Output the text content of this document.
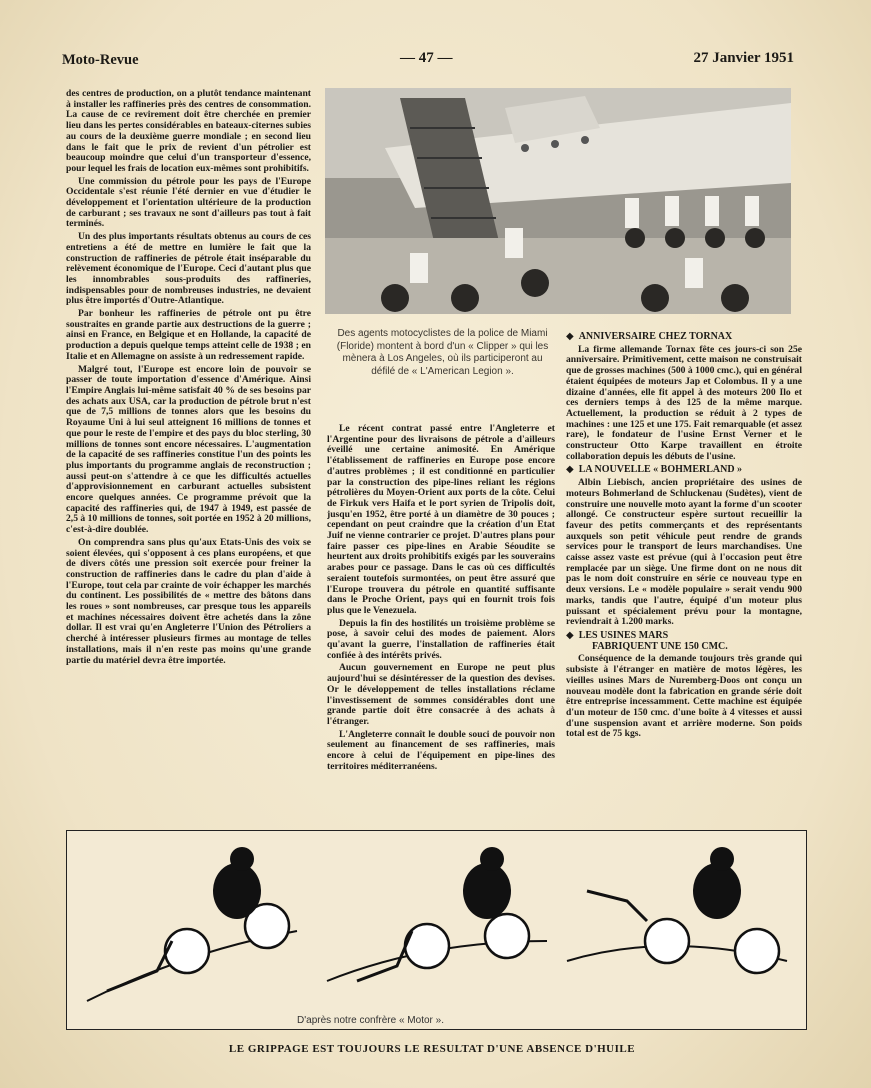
Moto-Revue	— 47 —	27 Janvier 1951

des centres de production, on a plutôt tendance maintenant à installer les raffineries près des centres de consommation. La cause de ce revirement doit être cherchée en premier lieu dans les pertes considérables en bateaux-citernes subies au cours de la deuxième guerre mondiale ; en second lieu dans le fait que le prix de revient d'un pétrolier est beaucoup moindre que celui d'un transporteur d'essence, pour lequel les frais de location eux-mêmes sont prohibitifs.

Une commission du pétrole pour les pays de l'Europe Occidentale s'est réunie l'été dernier en vue d'étudier le développement et l'orientation ultérieure de la production de carburant ; ses travaux ne sont d'ailleurs pas tout à fait terminés.

Un des plus importants résultats obtenus au cours de ces entretiens a été de mettre en lumière le fait que la construction de raffineries de pétrole était inséparable du relèvement économique de l'Europe. Ceci d'autant plus que les innombrables sous-produits des raffineries, indispensables pour de nombreuses industries, ne devaient plus être importés d'Outre-Atlantique.

Par bonheur les raffineries de pétrole ont pu être soustraites en grande partie aux destructions de la guerre ; ainsi en France, en Belgique et en Hollande, la capacité de production a depuis quelque temps atteint celle de 1938 ; en Italie et en Allemagne on assiste à un redressement rapide.

Malgré tout, l'Europe est encore loin de pouvoir se passer de toute importation d'essence d'Amérique. Ainsi l'Empire Anglais lui-même satisfait 40 % de ses besoins par des achats aux USA, car la production de pétrole brut n'est que de 7,5 millions de tonnes alors que les besoins du Royaume Uni à lui seul atteignent 16 millions de tonnes et que pour le reste de l'empire et des pays du bloc sterling, 30 millions de tonnes sont encore nécessaires. L'augmentation de la capacité de ses raffineries constitue l'un des points les plus importants du programme anglais de reconstruction ; aussi peut-on s'attendre à ce que les difficultés actuelles d'approvisionnement en carburant actuelles subsistent encore quelques années. Ce programme prévoit que la capacité des raffineries qui, de 1947 à 1949, est passée de 2,5 à 10 millions de tonnes, soit portée en 1952 à 20 millions, c'est-à-dire doublée.

On comprendra sans plus qu'aux Etats-Unis des voix se soient élevées, qui s'opposent à ces plans européens, et que de divers côtés une pression soit exercée pour freiner la construction de raffineries dans le cadre du plan d'aide à l'Europe, tout cela par crainte de voir échapper les marchés du continent. Les possibilités de « mettre des bâtons dans les roues » sont nombreuses, car presque tous les appareils et machines nécessaires doivent être achetés dans la zône dollar. Il est vrai qu'en Angleterre l'Union des Pétroliers a cherché à intéresser plusieurs firmes au montage de telles installations, mais il n'en reste pas moins qu'une grande partie du matériel devra être importée.

Des agents motocyclistes de la police de Miami (Floride) montent à bord d'un « Clipper » qui les mènera à Los Angeles, où ils participeront au défilé de « L'American Legion ».

Le récent contrat passé entre l'Angleterre et l'Argentine pour des livraisons de pétrole a d'ailleurs éveillé une certaine animosité. En Amérique l'établissement de raffineries en Europe pose encore d'autres problèmes ; il est conditionné en particulier par la construction des pipe-lines reliant les régions pétrolières du Moyen-Orient aux ports de la côte. Celui de Firkuk vers Haifa et le port syrien de Tripolis doit, jusqu'en 1952, être porté à un diamètre de 30 pouces ; cependant on peut craindre que la création d'un Etat Juif ne vienne contrarier ce projet. D'autres plans pour faire passer ces pipe-lines en Arabie Séoudite se heurtent aux droits prohibitifs exigés par les souverains arabes pour ce passage. Dans le cas où ces difficultés seraient toutefois surmontées, on peut être assuré que l'Europe trouvera du pétrole en quantité suffisante dans le Proche Orient, pays qui en fournit trois fois plus que le Venezuela.

Depuis la fin des hostilités un troisième problème se pose, à savoir celui des modes de paiement. Alors qu'avant la guerre, l'installation de raffineries était confiée à des intérêts privés.

Aucun gouvernement en Europe ne peut plus aujourd'hui se désintéresser de la question des devises. Or le développement de telles installations réclame l'investissement de sommes considérables dont une grande partie doit être consacrée à des achats à l'étranger.

L'Angleterre connaît le double souci de pouvoir non seulement au financement de ses raffineries, mais encore à celui de l'équipement en pipe-lines des territoires méditerranéens.

◆ ANNIVERSAIRE CHEZ TORNAX

La firme allemande Tornax fête ces jours-ci son 25e anniversaire. Primitivement, cette maison ne construisait que de grosses machines (500 à 1000 cmc.), qui en général étaient équipées de moteurs Jap et Colombus. Il y a une dizaine d'années, elle fit appel à des moteurs 200 Ilo et ces derniers temps à des 125 de la même marque. Actuellement, la production se réduit à 2 types de machines : une 125 et une 175. Fait remarquable (et assez rare), le fondateur de l'usine Ernst Verner et le constructeur Otto Karpe travaillent en étroite collaboration depuis les débuts de l'usine.

◆ LA NOUVELLE « BOHMERLAND »

Albin Liebisch, ancien propriétaire des usines de moteurs Bohmerland de Schluckenau (Sudètes), vient de construire une nouvelle moto ayant la forme d'un scooter allongé. Ce constructeur espère surtout recueillir la faveur des petits commerçants et des représentants auxquels son petit véhicule peut rendre de grands services pour le transport de leurs marchandises. Une caisse assez vaste est prévue (qui à l'occasion peut être remplacée par un siège. Une firme dont on ne nous dit pas le nom doit construire en série ce nouveau type en deux versions. Le « modèle populaire » serait vendu 900 marks, tandis que l'autre, équipé d'un moteur plus puissant et spécialement prévu pour la montagne, reviendrait à 1.200 marks.

◆ LES USINES MARS
FABRIQUENT UNE 150 CMC.

Conséquence de la demande toujours très grande qui subsiste à l'étranger en matière de motos légères, les vieilles usines Mars de Nuremberg-Doos ont conçu un nouveau modèle dont la fabrication en grande série doit être entreprise incessamment. Cette machine est équipée d'un moteur de 150 cmc. d'une boîte à 4 vitesses et aussi d'une suspension avant et arrière moderne. Son poids total est de 75 kgs.

D'après notre confrère « Motor ».
LE GRIPPAGE EST TOUJOURS LE RESULTAT D'UNE ABSENCE D'HUILE
